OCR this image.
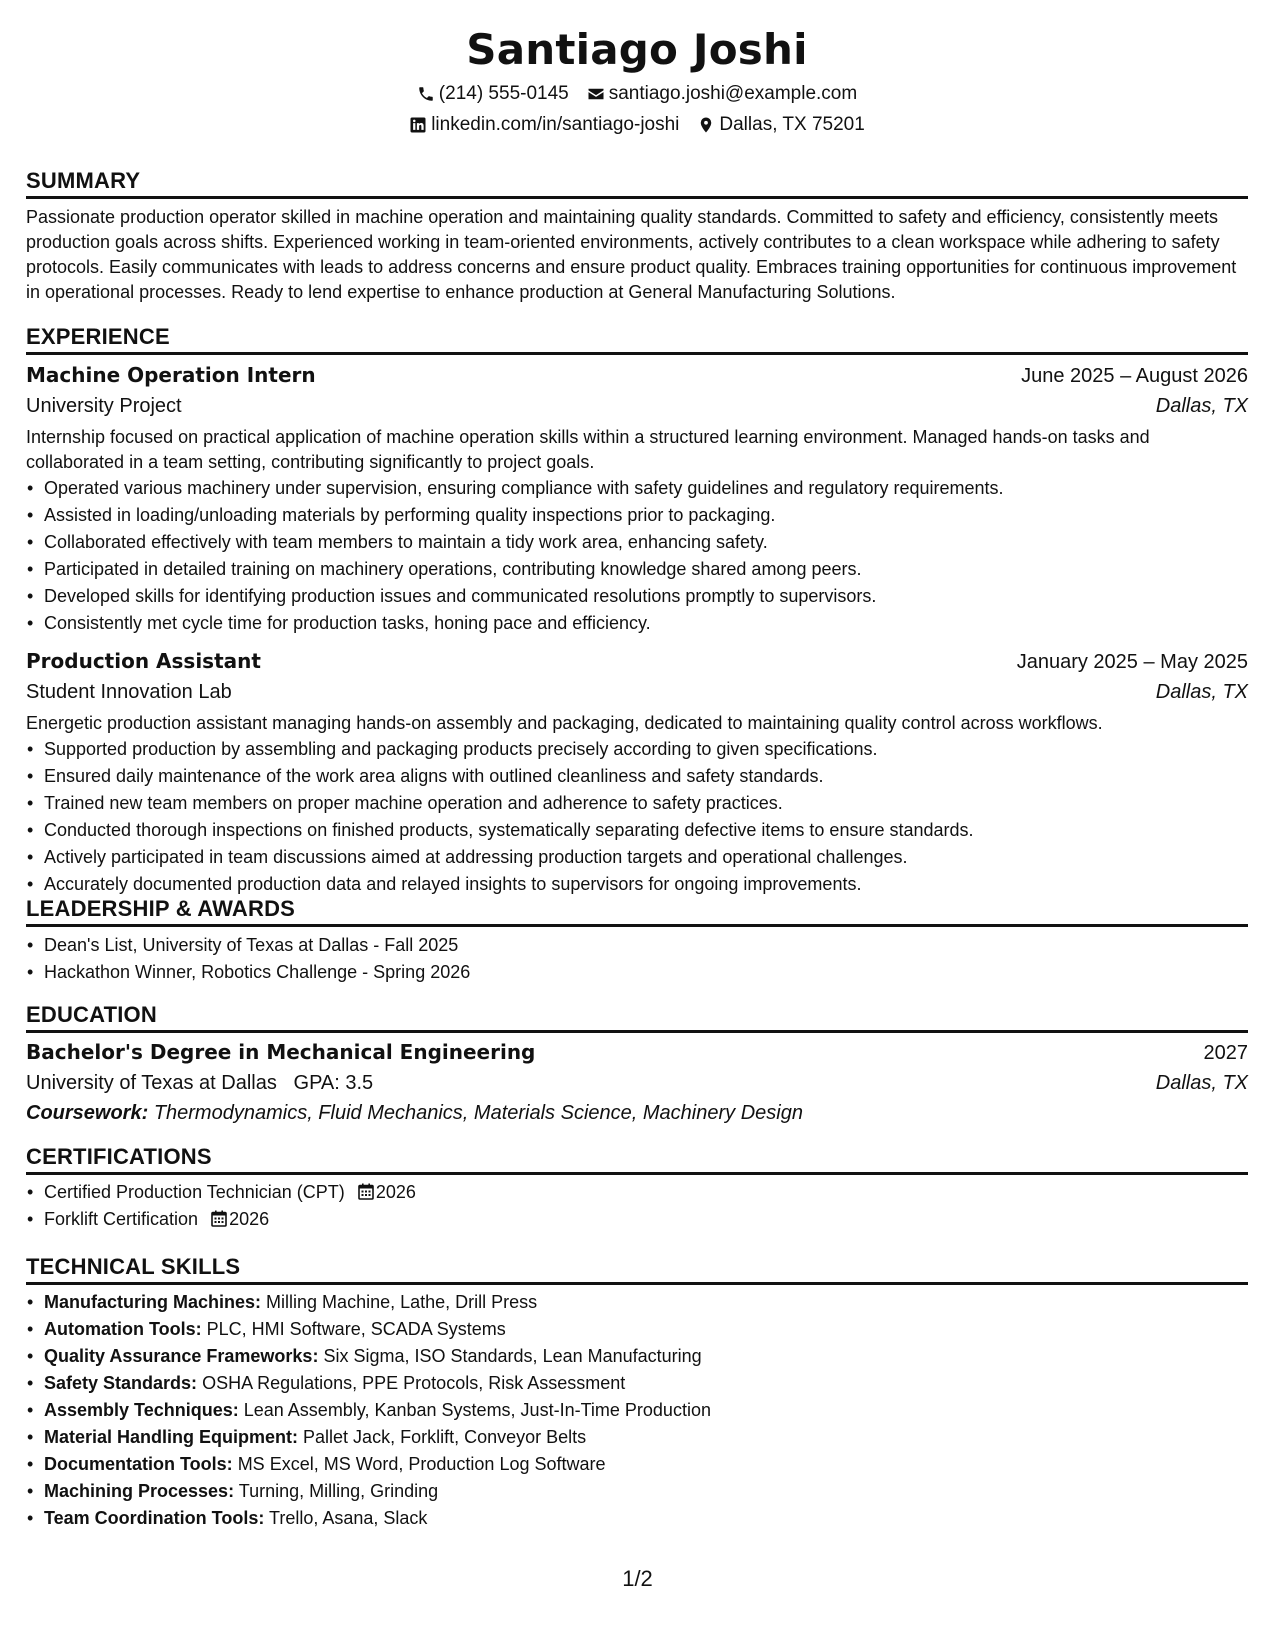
Santiago Joshi
(214) 555-0145 santiago.joshi@example.com
linkedin.com/in/santiago-joshi Dallas, TX 75201
SUMMARY

Passionate production operator skilled in machine operation and maintaining quality standards. Committed to safety and efficiency, consistently meets production goals across shifts. Experienced working in team-oriented environments, actively contributes to a clean workspace while adhering to safety protocols. Easily communicates with leads to address concerns and ensure product quality. Embraces training opportunities for continuous improvement in operational processes. Ready to lend expertise to enhance production at General Manufacturing Solutions.

EXPERIENCE
Machine Operation Intern	June 2025 – August 2026
University Project	Dallas, TX

Internship focused on practical application of machine operation skills within a structured learning environment. Managed hands-on tasks and collaborated in a team setting, contributing significantly to project goals.

• Operated various machinery under supervision, ensuring compliance with safety guidelines and regulatory requirements.
• Assisted in loading/unloading materials by performing quality inspections prior to packaging.
• Collaborated effectively with team members to maintain a tidy work area, enhancing safety.
• Participated in detailed training on machinery operations, contributing knowledge shared among peers.
• Developed skills for identifying production issues and communicated resolutions promptly to supervisors.
• Consistently met cycle time for production tasks, honing pace and efficiency.
Production Assistant	January 2025 – May 2025
Student Innovation Lab	Dallas, TX

Energetic production assistant managing hands-on assembly and packaging, dedicated to maintaining quality control across workflows.

• Supported production by assembling and packaging products precisely according to given specifications.
• Ensured daily maintenance of the work area aligns with outlined cleanliness and safety standards.
• Trained new team members on proper machine operation and adherence to safety practices.
• Conducted thorough inspections on finished products, systematically separating defective items to ensure standards.
• Actively participated in team discussions aimed at addressing production targets and operational challenges.
• Accurately documented production data and relayed insights to supervisors for ongoing improvements.
LEADERSHIP & AWARDS
• Dean's List, University of Texas at Dallas - Fall 2025
• Hackathon Winner, Robotics Challenge - Spring 2026
EDUCATION
Bachelor's Degree in Mechanical Engineering	2027
University of Texas at Dallas GPA: 3.5	Dallas, TX
Coursework: Thermodynamics, Fluid Mechanics, Materials Science, Machinery Design
CERTIFICATIONS
• Certified Production Technician (CPT) 2026
• Forklift Certification 2026
TECHNICAL SKILLS
• Manufacturing Machines: Milling Machine, Lathe, Drill Press
• Automation Tools: PLC, HMI Software, SCADA Systems
• Quality Assurance Frameworks: Six Sigma, ISO Standards, Lean Manufacturing
• Safety Standards: OSHA Regulations, PPE Protocols, Risk Assessment
• Assembly Techniques: Lean Assembly, Kanban Systems, Just-In-Time Production
• Material Handling Equipment: Pallet Jack, Forklift, Conveyor Belts
• Documentation Tools: MS Excel, MS Word, Production Log Software
• Machining Processes: Turning, Milling, Grinding
• Team Coordination Tools: Trello, Asana, Slack
1/2
